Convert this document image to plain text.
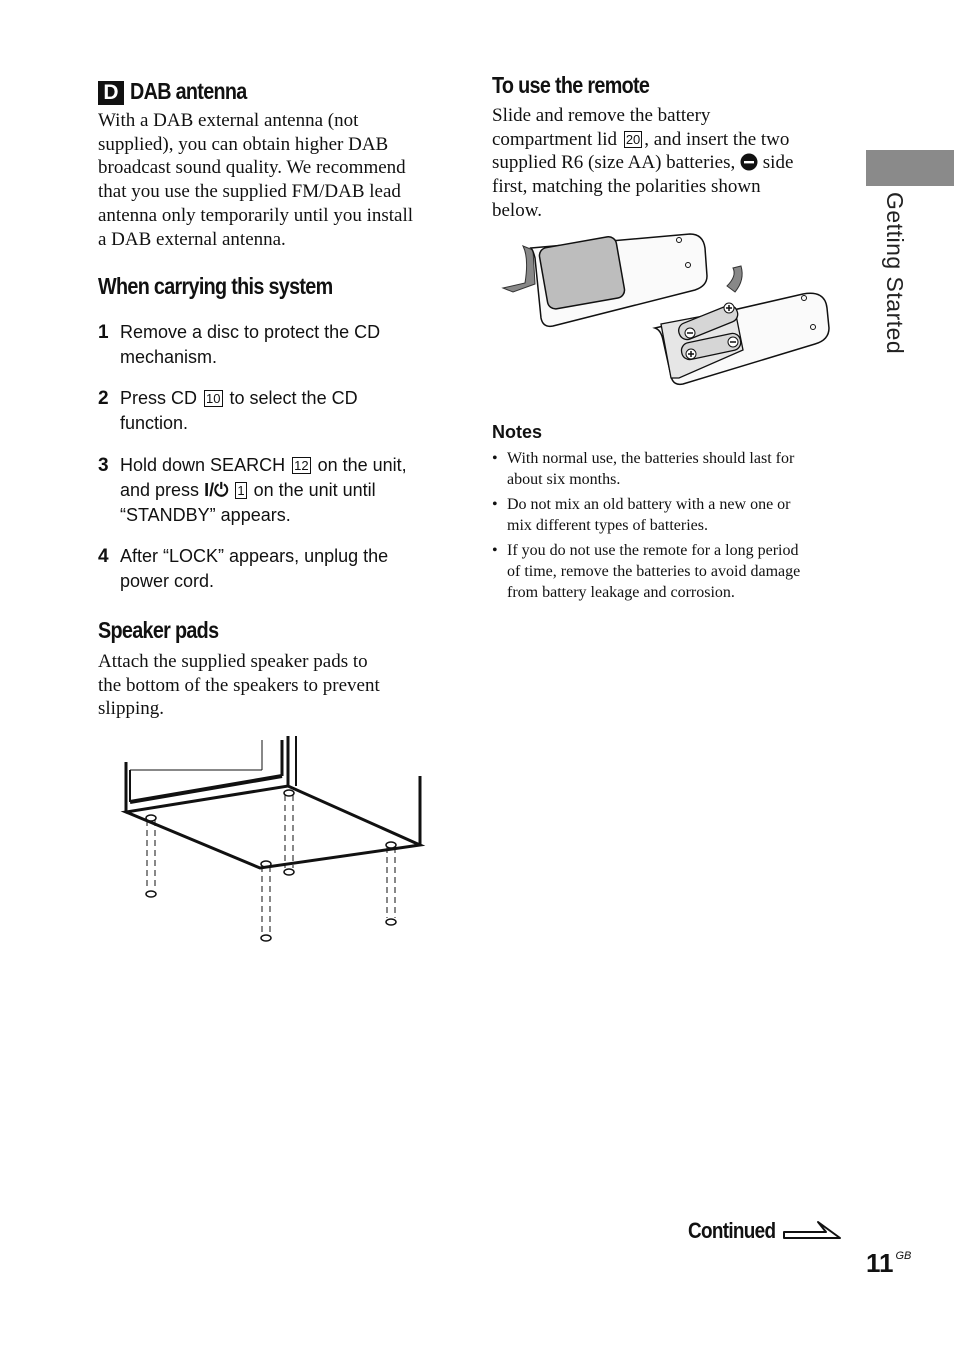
D DAB antenna
With a DAB external antenna (not
supplied), you can obtain higher DAB
broadcast sound quality. We recommend
that you use the supplied FM/DAB lead
antenna only temporarily until you install
a DAB external antenna.
When carrying this system
1 Remove a disc to protect the CD
mechanism.
2 Press CD 10 to select the CD
function.
3 Hold down SEARCH 12 on the unit,
and press I/⏻ 1 on the unit until
“STANDBY” appears.
4 After “LOCK” appears, unplug the
power cord.
Speaker pads
Attach the supplied speaker pads to
the bottom of the speakers to prevent
slipping.
To use the remote
Slide and remove the battery
compartment lid 20 , and insert the two
supplied R6 (size AA) batteries, side
first, matching the polarities shown
below.
Notes
• With normal use, the batteries should last for
about six months.
• Do not mix an old battery with a new one or
mix different types of batteries.
• If you do not use the remote for a long period
of time, remove the batteries to avoid damage
from battery leakage and corrosion.
Getting Started
Continued
11 $^{GB}$
